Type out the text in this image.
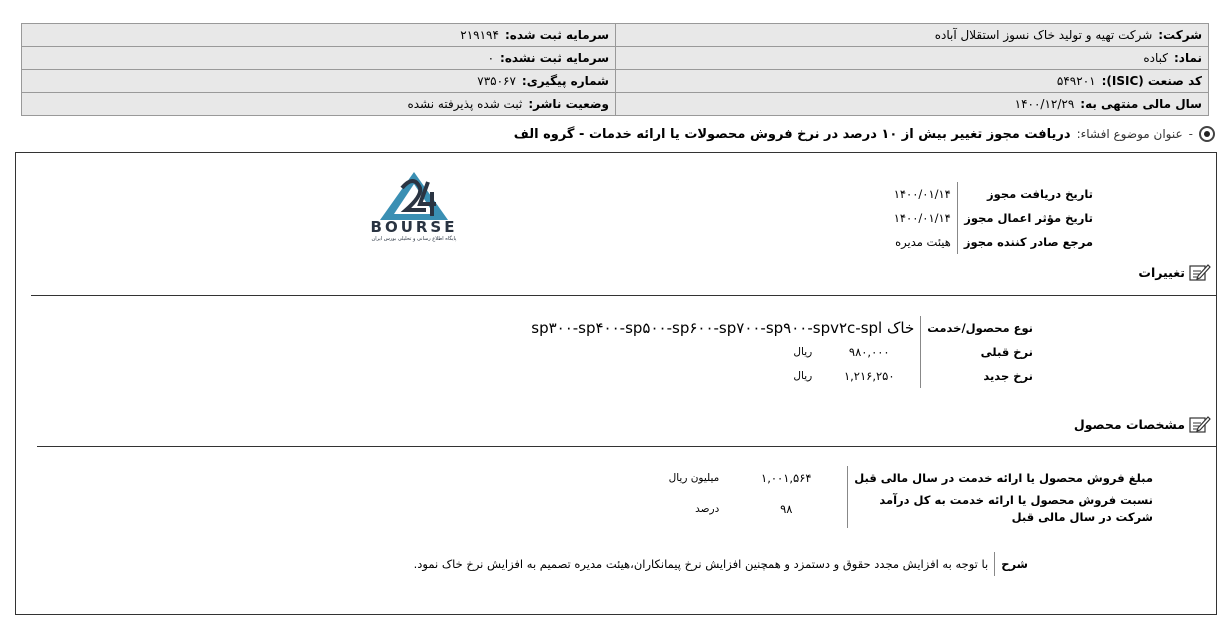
شرکت:شرکت تهیه و تولید خاک نسوز استقلال آباده	سرمایه ثبت شده:۲۱۹۱۹۴
نماد:کباده	سرمایه ثبت نشده:۰
کد صنعت (ISIC):۵۴۹۲۰۱	شماره پیگیری:۷۳۵۰۶۷
سال مالی منتهی به:۱۴۰۰/۱۲/۲۹	وضعیت ناشر:ثبت شده پذیرفته نشده
-
عنوان موضوع افشاء:
دریافت مجوز تغییر بیش از ۱۰ درصد در نرخ فروش محصولات یا ارائه خدمات - گروه الف
تاریخ دریافت مجوز	۱۴۰۰/۰۱/۱۴
تاریخ مؤثر اعمال مجوز	۱۴۰۰/۰۱/۱۴
مرجع صادر کننده مجوز	هیئت مدیره
BOURSE
پایگاه اطلاع رسانی و تحلیلی بورس ایران
تغییرات
نوع محصول/خدمت	خاک sp۳۰۰-sp۴۰۰-sp۵۰۰-sp۶۰۰-sp۷۰۰-sp۹۰۰-spv۲c-spl		
نرخ قبلی	۹۸۰,۰۰۰	ریال	
نرخ جدید	۱,۲۱۶,۲۵۰	ریال	
مشخصات محصول
مبلغ فروش محصول یا ارائه خدمت در سال مالی قبل	۱,۰۰۱,۵۶۴	میلیون ریال

نسبت فروش محصول یا ارائه خدمت به کل درآمد
شرکت در سال مالی قبل	۹۸	درصد
شرح	با توجه به افزایش مجدد حقوق و دستمزد و همچنین افزایش نرخ پیمانکاران،هیئت مدیره تصمیم به افزایش نرخ خاک نمود.
